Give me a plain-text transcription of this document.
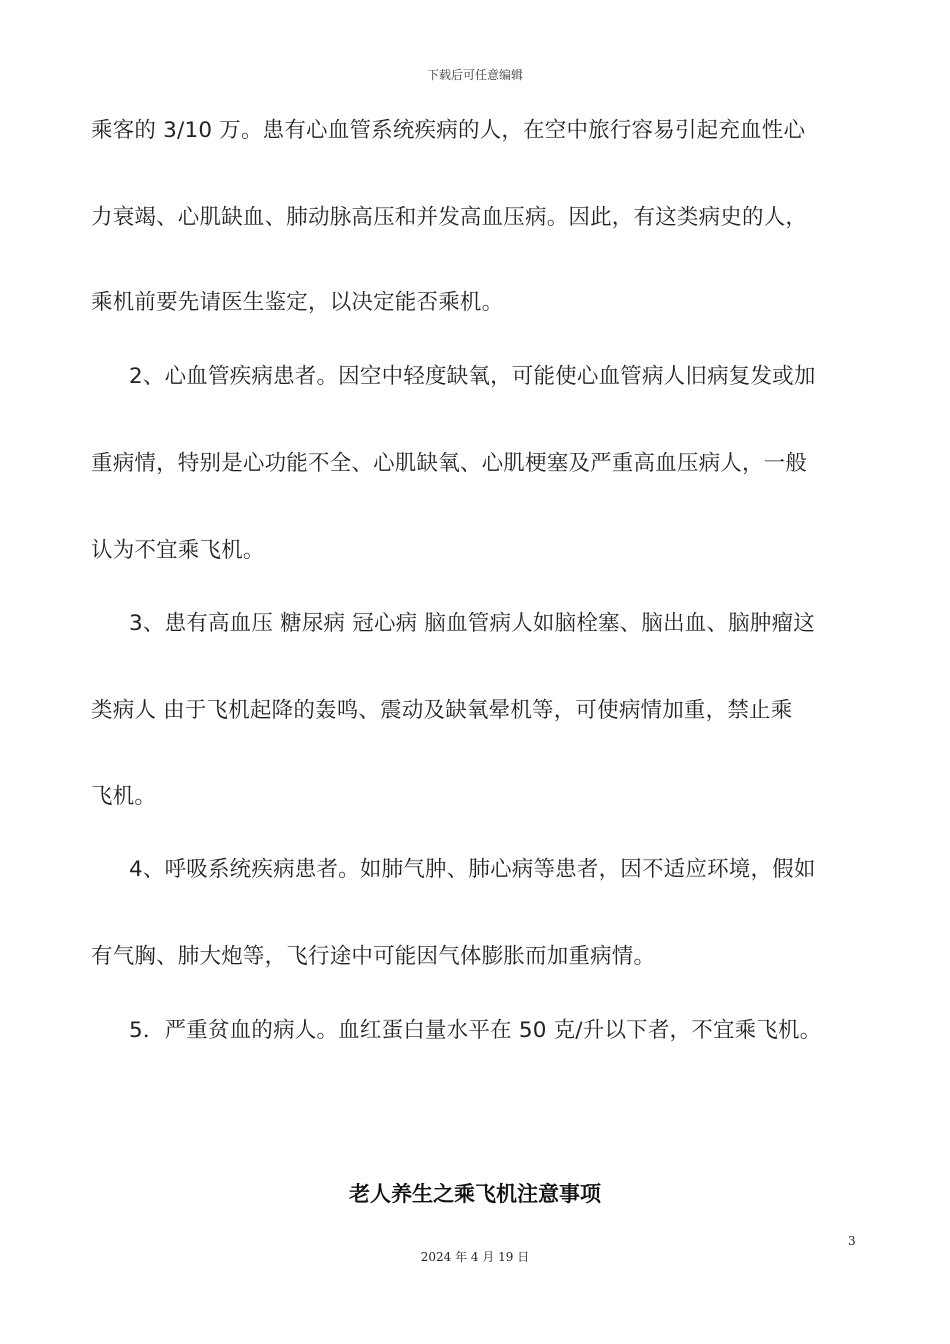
下载后可任意编辑
乘客的 3/10 万。患有心血管系统疾病的人，在空中旅行容易引起充血性心
力衰竭、心肌缺血、肺动脉高压和并发高血压病。因此，有这类病史的人，
乘机前要先请医生鉴定，以决定能否乘机。
2、心血管疾病患者。因空中轻度缺氧，可能使心血管病人旧病复发或加
重病情，特别是心功能不全、心肌缺氧、心肌梗塞及严重高血压病人，一般
认为不宜乘飞机。
3、患有高血压 糖尿病 冠心病 脑血管病人如脑栓塞、脑出血、脑肿瘤这
类病人 由于飞机起降的轰鸣、震动及缺氧晕机等，可使病情加重，禁止乘
飞机。
4、呼吸系统疾病患者。如肺气肿、肺心病等患者，因不适应环境，假如
有气胸、肺大炮等，飞行途中可能因气体膨胀而加重病情。
5．严重贫血的病人。血红蛋白量水平在 50 克/升以下者，不宜乘飞机。
老人养生之乘飞机注意事项
3
2024 年 4 月 19 日
